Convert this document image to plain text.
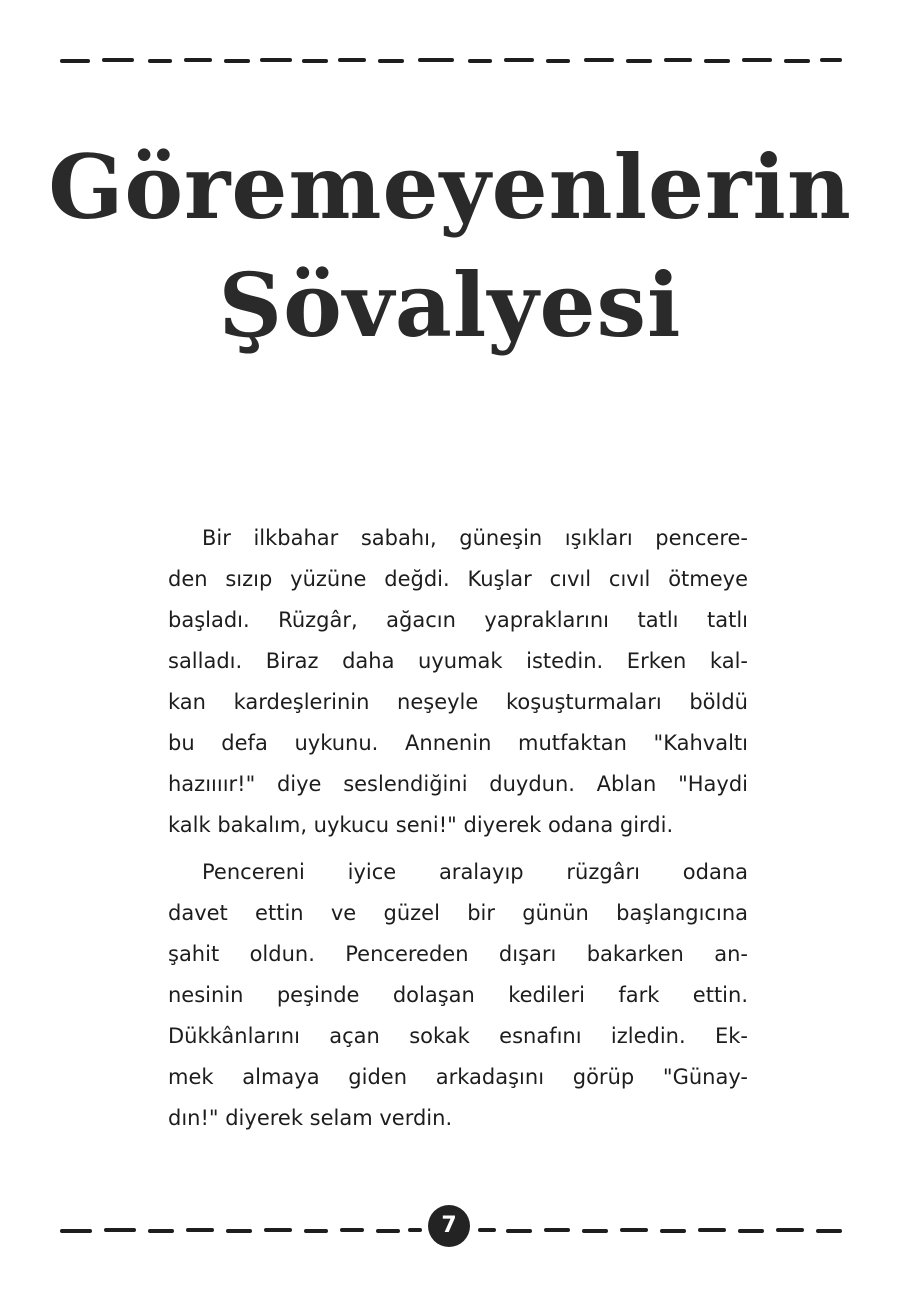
Göremeyenlerin
Şövalyesi
Bir ilkbahar sabahı, güneşin ışıkları pencere-
den sızıp yüzüne değdi. Kuşlar cıvıl cıvıl ötmeye
başladı. Rüzgâr, ağacın yapraklarını tatlı tatlı
salladı. Biraz daha uyumak istedin. Erken kal-
kan kardeşlerinin neşeyle koşuşturmaları böldü
bu defa uykunu. Annenin mutfaktan "Kahvaltı
hazıııır!" diye seslendiğini duydun. Ablan "Haydi
kalk bakalım, uykucu seni!" diyerek odana girdi.
Pencereni iyice aralayıp rüzgârı odana
davet ettin ve güzel bir günün başlangıcına
şahit oldun. Pencereden dışarı bakarken an-
nesinin peşinde dolaşan kedileri fark ettin.
Dükkânlarını açan sokak esnafını izledin. Ek-
mek almaya giden arkadaşını görüp "Günay-
dın!" diyerek selam verdin.
7
